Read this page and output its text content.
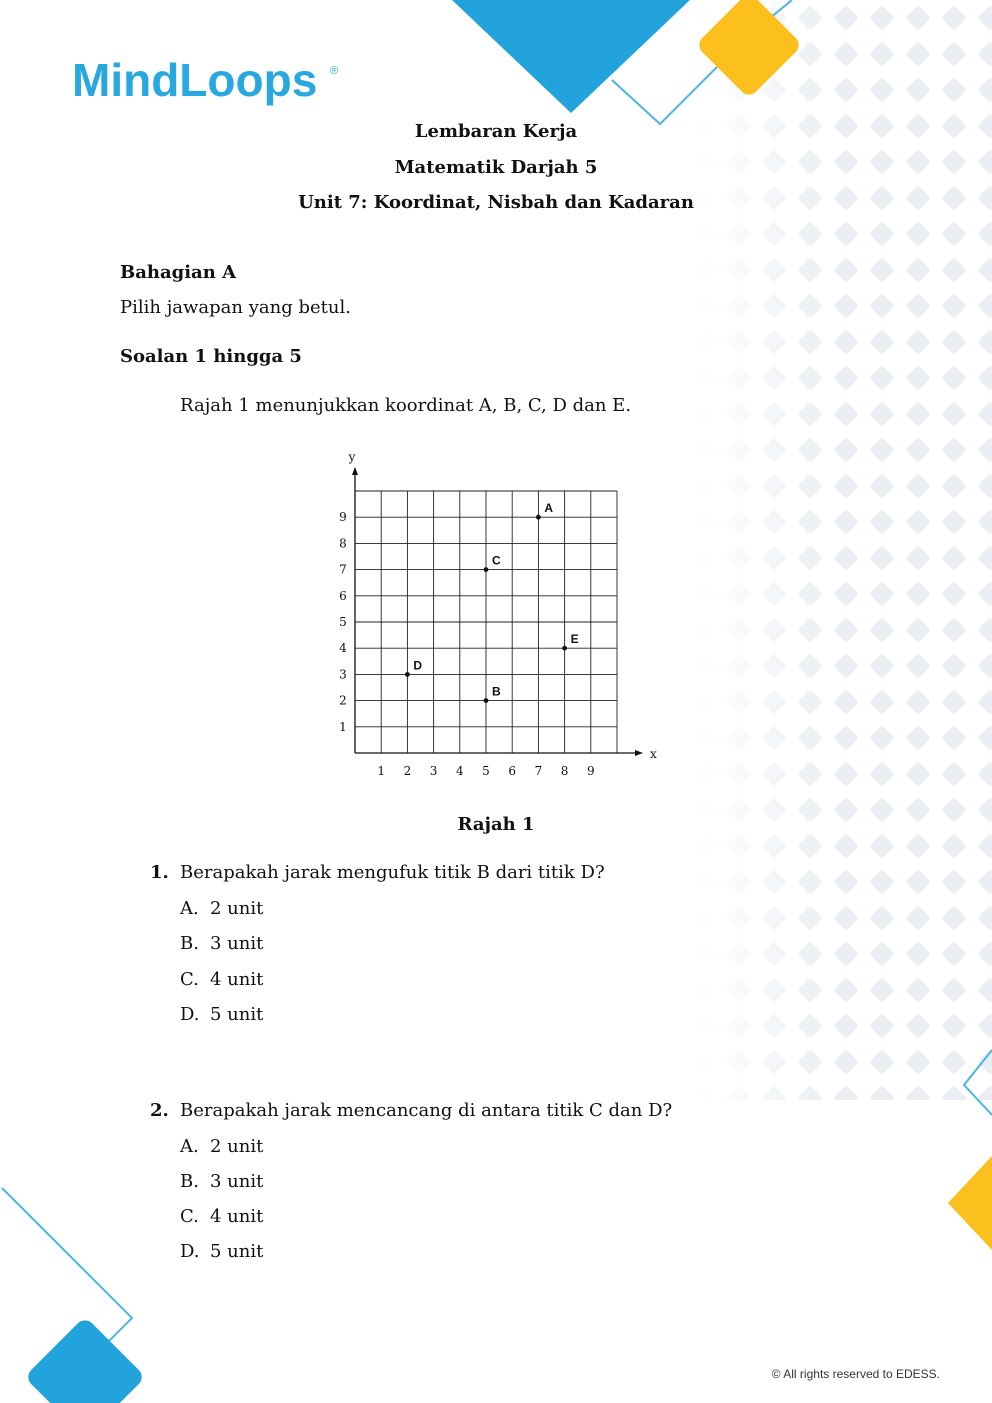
MindLoops ®
Lembaran Kerja
Matematik Darjah 5
Unit 7: Koordinat, Nisbah dan Kadaran
Bahagian A
Pilih jawapan yang betul.
Soalan 1 hingga 5
Rajah 1 menunjukkan koordinat A, B, C, D dan E.
x
y
1 2 3 4 5 6 7 8 9
1
2
3
4
5
6
7
8
9
A
B
C
D
E
Rajah 1
1. Berapakah jarak mengufuk titik B dari titik D?
A. 2 unit
B. 3 unit
C. 4 unit
D. 5 unit
2. Berapakah jarak mencancang di antara titik C dan D?
A. 2 unit
B. 3 unit
C. 4 unit
D. 5 unit
© All rights reserved to EDESS.
